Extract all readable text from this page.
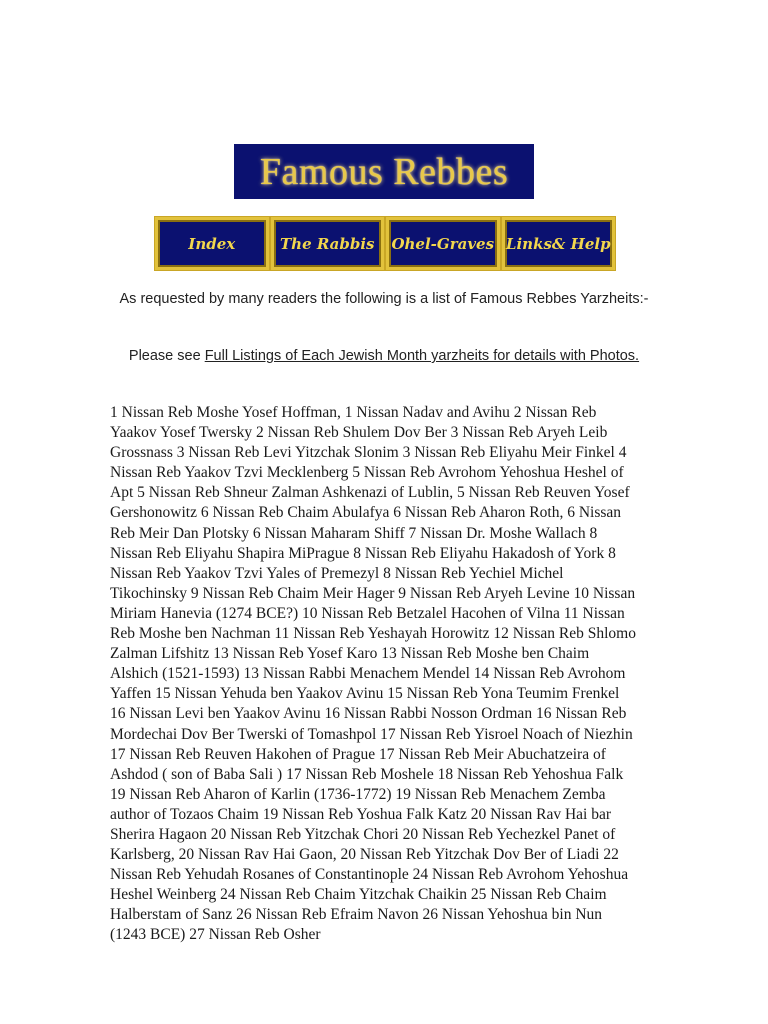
Famous Rebbes
Index	The Rabbis Ohel-Graves Links& Help
As requested by many readers the following is a list of Famous Rebbes Yarzheits:-
Please see Full Listings of Each Jewish Month yarzheits for details with Photos.
1 Nissan Reb Moshe Yosef Hoffman, 1 Nissan Nadav and Avihu 2 Nissan Reb Yaakov Yosef Twersky 2 Nissan Reb Shulem Dov Ber 3 Nissan Reb Aryeh Leib Grossnass 3 Nissan Reb Levi Yitzchak Slonim 3 Nissan Reb Eliyahu Meir Finkel 4 Nissan Reb Yaakov Tzvi Mecklenberg 5 Nissan Reb Avrohom Yehoshua Heshel of Apt 5 Nissan Reb Shneur Zalman Ashkenazi of Lublin, 5 Nissan Reb Reuven Yosef Gershonowitz 6 Nissan Reb Chaim Abulafya 6 Nissan Reb Aharon Roth, 6 Nissan Reb Meir Dan Plotsky 6 Nissan Maharam Shiff 7 Nissan Dr. Moshe Wallach 8 Nissan Reb Eliyahu Shapira MiPrague 8 Nissan Reb Eliyahu Hakadosh of York 8 Nissan Reb Yaakov Tzvi Yales of Premezyl 8 Nissan Reb Yechiel Michel Tikochinsky 9 Nissan Reb Chaim Meir Hager 9 Nissan Reb Aryeh Levine 10 Nissan Miriam Hanevia (1274 BCE?) 10 Nissan Reb Betzalel Hacohen of Vilna 11 Nissan Reb Moshe ben Nachman 11 Nissan Reb Yeshayah Horowitz 12 Nissan Reb Shlomo Zalman Lifshitz 13 Nissan Reb Yosef Karo 13 Nissan Reb Moshe ben Chaim Alshich (1521-1593) 13 Nissan Rabbi Menachem Mendel 14 Nissan Reb Avrohom Yaffen 15 Nissan Yehuda ben Yaakov Avinu 15 Nissan Reb Yona Teumim Frenkel 16 Nissan Levi ben Yaakov Avinu 16 Nissan Rabbi Nosson Ordman 16 Nissan Reb Mordechai Dov Ber Twerski of Tomashpol 17 Nissan Reb Yisroel Noach of Niezhin 17 Nissan Reb Reuven Hakohen of Prague 17 Nissan Reb Meir Abuchatzeira of Ashdod ( son of Baba Sali ) 17 Nissan Reb Moshele 18 Nissan Reb Yehoshua Falk 19 Nissan Reb Aharon of Karlin (1736-1772) 19 Nissan Reb Menachem Zemba author of Tozaos Chaim 19 Nissan Reb Yoshua Falk Katz 20 Nissan Rav Hai bar Sherira Hagaon 20 Nissan Reb Yitzchak Chori 20 Nissan Reb Yechezkel Panet of Karlsberg, 20 Nissan Rav Hai Gaon, 20 Nissan Reb Yitzchak Dov Ber of Liadi 22 Nissan Reb Yehudah Rosanes of Constantinople 24 Nissan Reb Avrohom Yehoshua Heshel Weinberg 24 Nissan Reb Chaim Yitzchak Chaikin 25 Nissan Reb Chaim Halberstam of Sanz 26 Nissan Reb Efraim Navon 26 Nissan Yehoshua bin Nun (1243 BCE) 27 Nissan Reb Osher
